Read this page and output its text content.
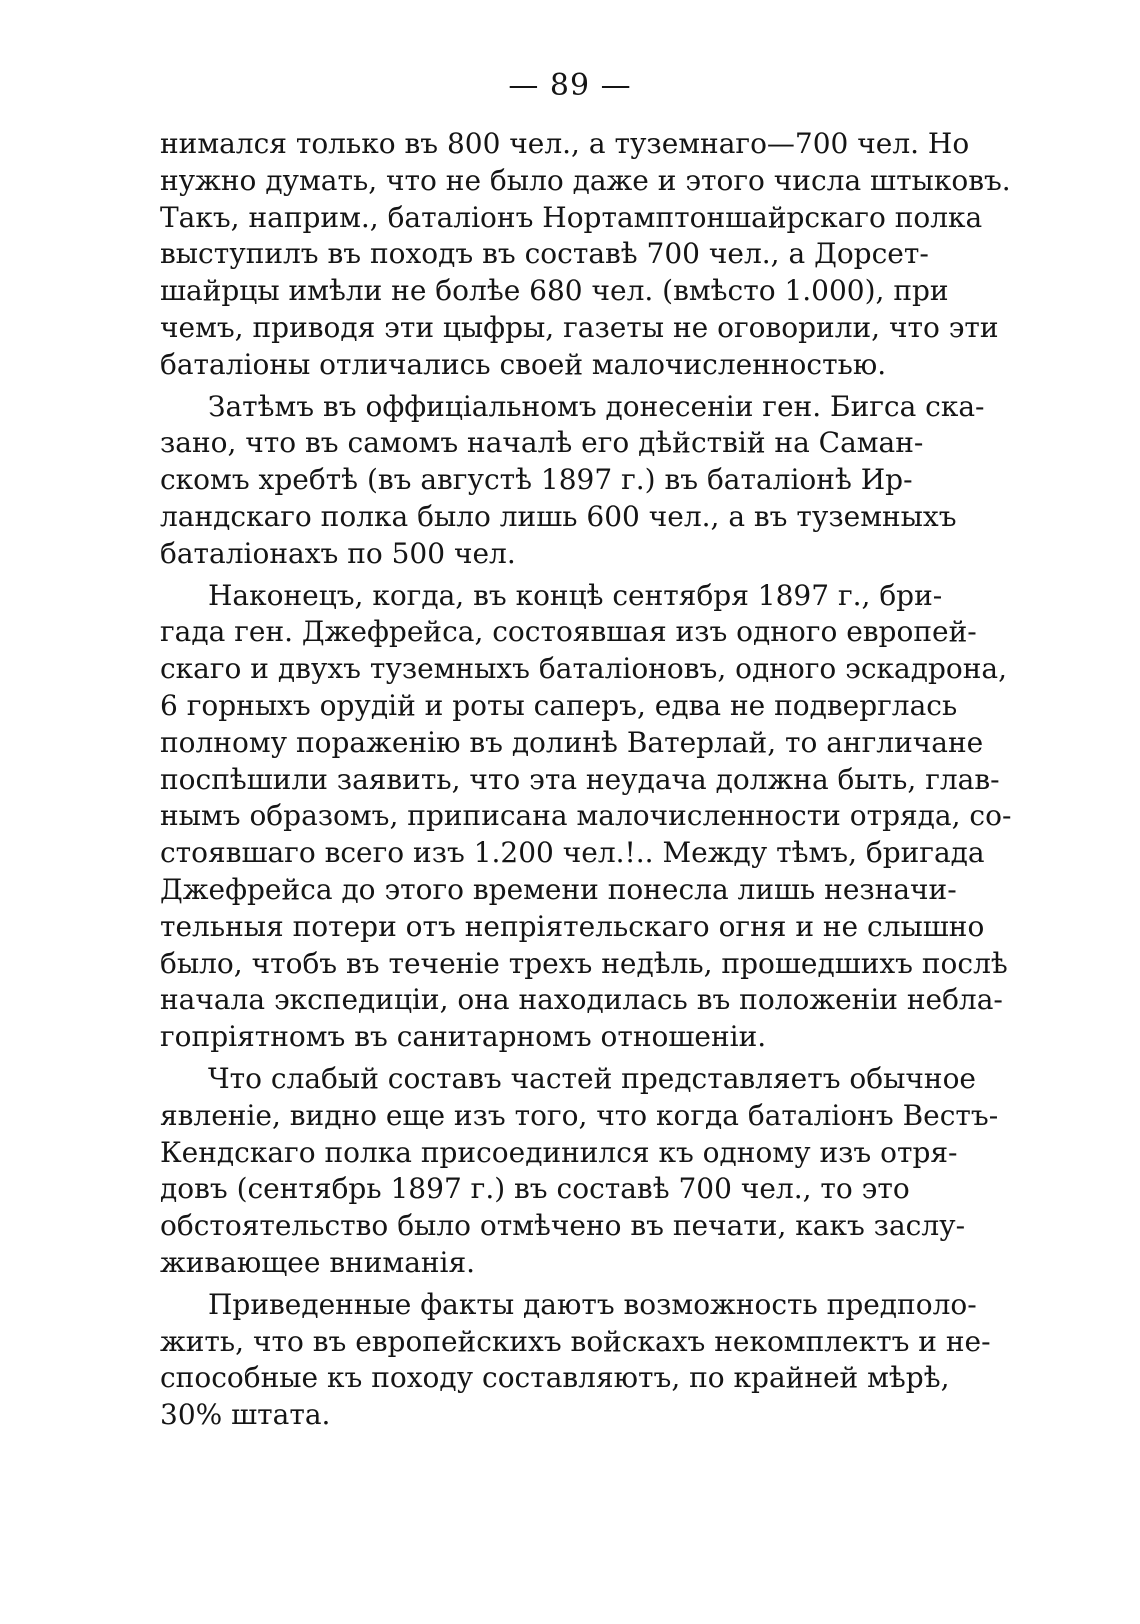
— 89 —
нимался только въ 800 чел., а туземнаго—700 чел. Но
нужно думать, что не было даже и этого числа штыковъ.
Такъ, наприм., баталіонъ Нортамптоншайрскаго полка
выступилъ въ походъ въ составѣ 700 чел., а Дорсет-
шайрцы имѣли не болѣе 680 чел. (вмѣсто 1.000), при
чемъ, приводя эти цыфры, газеты не оговорили, что эти
баталіоны отличались своей малочисленностью.
Затѣмъ въ оффиціальномъ донесеніи ген. Бигса ска-
зано, что въ самомъ началѣ его дѣйствій на Саман-
скомъ хребтѣ (въ августѣ 1897 г.) въ баталіонѣ Ир-
ландскаго полка было лишь 600 чел., а въ туземныхъ
баталіонахъ по 500 чел.
Наконецъ, когда, въ концѣ сентября 1897 г., бри-
гада ген. Джефрейса, состоявшая изъ одного европей-
скаго и двухъ туземныхъ баталіоновъ, одного эскадрона,
6 горныхъ орудій и роты саперъ, едва не подверглась
полному пораженію въ долинѣ Ватерлай, то англичане
поспѣшили заявить, что эта неудача должна быть, глав-
нымъ образомъ, приписана малочисленности отряда, со-
стоявшаго всего изъ 1.200 чел.!.. Между тѣмъ, бригада
Джефрейса до этого времени понесла лишь незначи-
тельныя потери отъ непріятельскаго огня и не слышно
было, чтобъ въ теченіе трехъ недѣль, прошедшихъ послѣ
начала экспедиціи, она находилась въ положеніи небла-
гопріятномъ въ санитарномъ отношеніи.
Что слабый составъ частей представляетъ обычное
явленіе, видно еще изъ того, что когда баталіонъ Вестъ-
Кендскаго полка присоединился къ одному изъ отря-
довъ (сентябрь 1897 г.) въ составѣ 700 чел., то это
обстоятельство было отмѣчено въ печати, какъ заслу-
живающее вниманія.
Приведенные факты даютъ возможность предполо-
жить, что въ европейскихъ войскахъ некомплектъ и не-
способные къ походу составляютъ, по крайней мѣрѣ,
30% штата.
